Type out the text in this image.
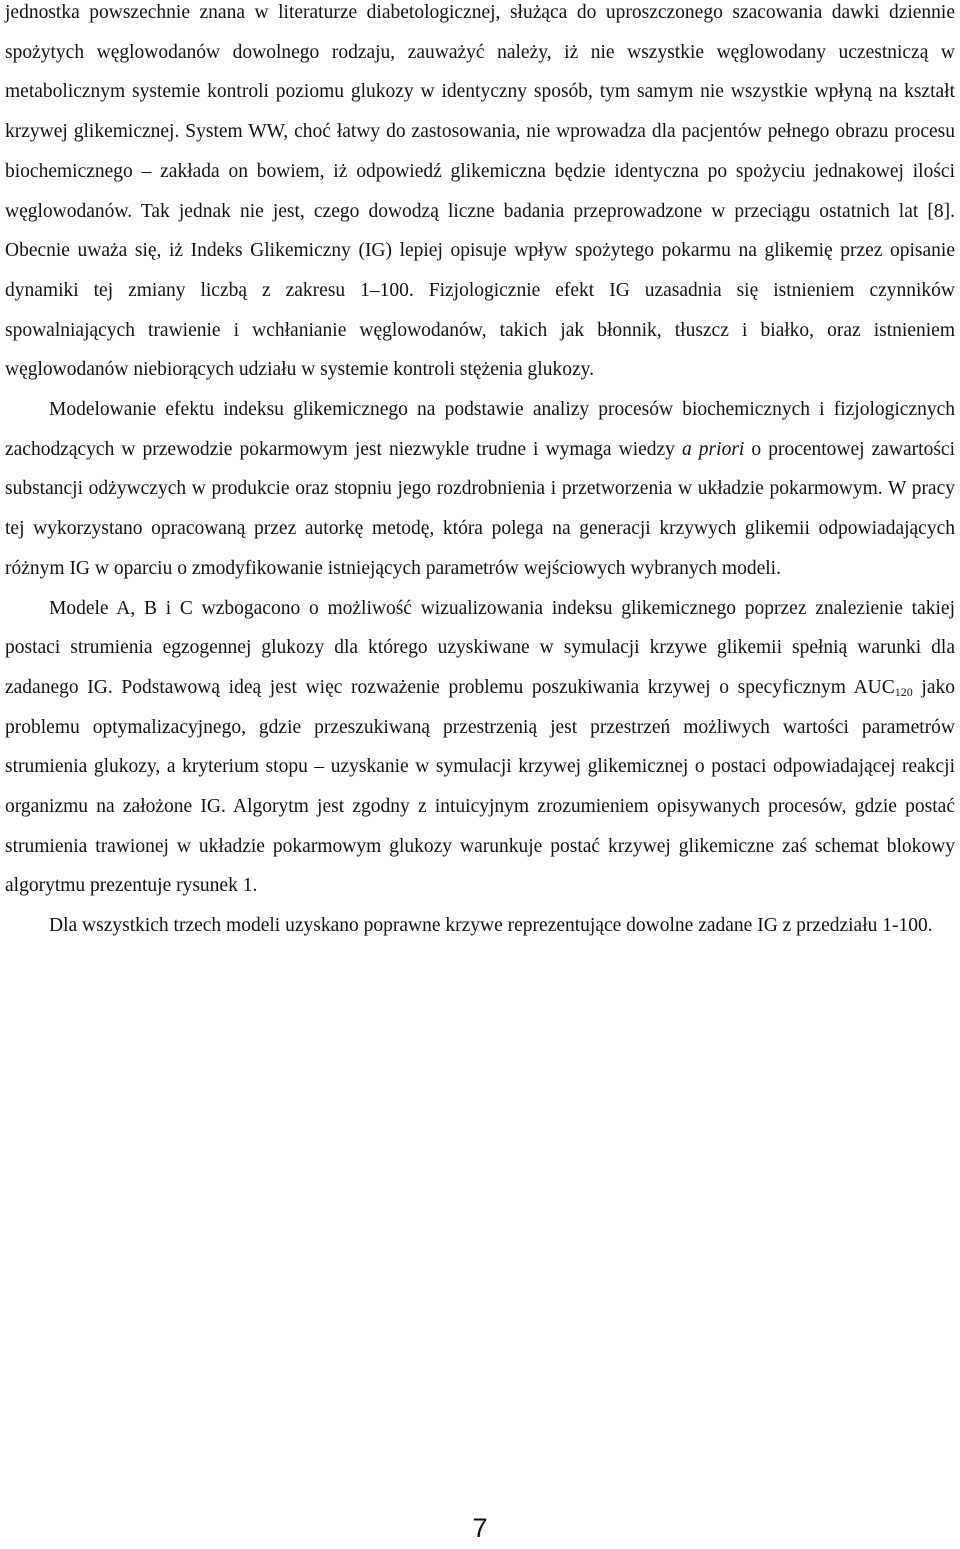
jednostka powszechnie znana w literaturze diabetologicznej, służąca do uproszczonego szacowania dawki dziennie spożytych węglowodanów dowolnego rodzaju, zauważyć należy, iż nie wszystkie węglowodany uczestniczą w metabolicznym systemie kontroli poziomu glukozy w identyczny sposób, tym samym nie wszystkie wpłyną na kształt krzywej glikemicznej. System WW, choć łatwy do zastosowania, nie wprowadza dla pacjentów pełnego obrazu procesu biochemicznego – zakłada on bowiem, iż odpowiedź glikemiczna będzie identyczna po spożyciu jednakowej ilości węglowodanów. Tak jednak nie jest, czego dowodzą liczne badania przeprowadzone w przeciągu ostatnich lat [8]. Obecnie uważa się, iż Indeks Glikemiczny (IG) lepiej opisuje wpływ spożytego pokarmu na glikemię przez opisanie dynamiki tej zmiany liczbą z zakresu 1–100. Fizjologicznie efekt IG uzasadnia się istnieniem czynników spowalniających trawienie i wchłanianie węglowodanów, takich jak błonnik, tłuszcz i białko, oraz istnieniem węglowodanów niebiorących udziału w systemie kontroli stężenia glukozy.

Modelowanie efektu indeksu glikemicznego na podstawie analizy procesów biochemicznych i fizjologicznych zachodzących w przewodzie pokarmowym jest niezwykle trudne i wymaga wiedzy a priori o procentowej zawartości substancji odżywczych w produkcie oraz stopniu jego rozdrobnienia i przetworzenia w układzie pokarmowym. W pracy tej wykorzystano opracowaną przez autorkę metodę, która polega na generacji krzywych glikemii odpowiadających różnym IG w oparciu o zmodyfikowanie istniejących parametrów wejściowych wybranych modeli.

Modele A, B i C wzbogacono o możliwość wizualizowania indeksu glikemicznego poprzez znalezienie takiej postaci strumienia egzogennej glukozy dla którego uzyskiwane w symulacji krzywe glikemii spełnią warunki dla zadanego IG. Podstawową ideą jest więc rozważenie problemu poszukiwania krzywej o specyficznym $AUC_{120}$ jako problemu optymalizacyjnego, gdzie przeszukiwaną przestrzenią jest przestrzeń możliwych wartości parametrów strumienia glukozy, a kryterium stopu – uzyskanie w symulacji krzywej glikemicznej o postaci odpowiadającej reakcji organizmu na założone IG. Algorytm jest zgodny z intuicyjnym zrozumieniem opisywanych procesów, gdzie postać strumienia trawionej w układzie pokarmowym glukozy warunkuje postać krzywej glikemiczne zaś schemat blokowy algorytmu prezentuje rysunek 1.

Dla wszystkich trzech modeli uzyskano poprawne krzywe reprezentujące dowolne zadane IG z przedziału 1-100.

7
